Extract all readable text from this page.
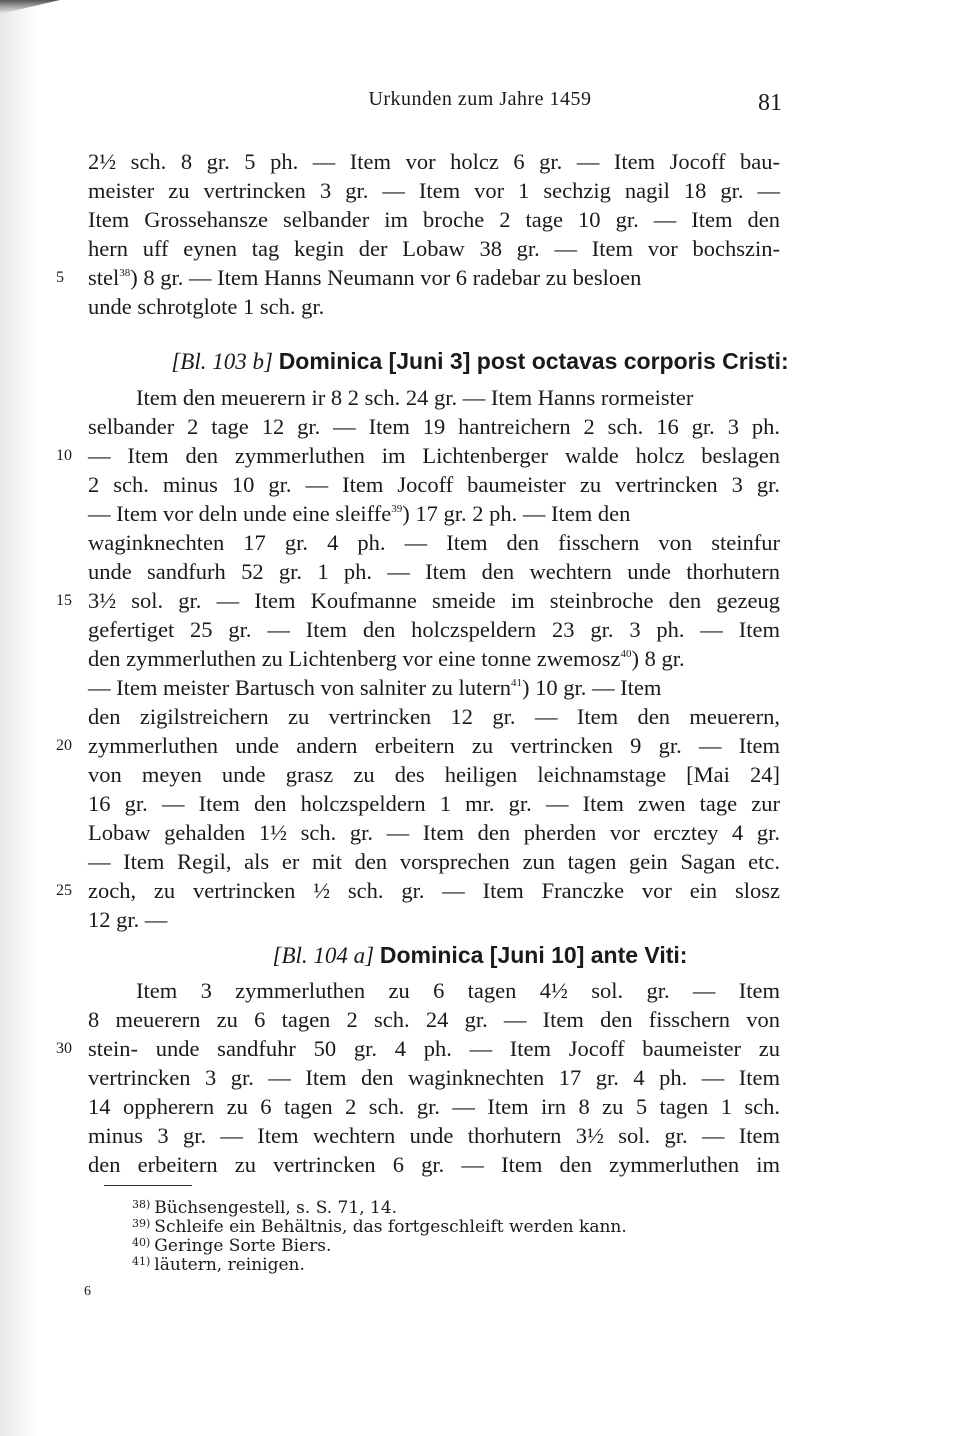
Urkunden zum Jahre 1459	81
2½ sch. 8 gr. 5 ph. — Item vor holcz 6 gr. — Item Jocoff bau-
meister zu vertrincken 3 gr. — Item vor 1 sechzig nagil 18 gr. —
Item Grossehansze selbander im broche 2 tage 10 gr. — Item den
hern uff eynen tag kegin der Lobaw 38 gr. — Item vor bochszin-
5	stel$^{38}$) 8 gr. — Item Hanns Neumann vor 6 radebar zu besloen
unde schrotglote 1 sch. gr.
[Bl. 103 b] Dominica [Juni 3] post octavas corporis Cristi:
Item den meuerern ir 8 2 sch. 24 gr. — Item Hanns rormeister
selbander 2 tage 12 gr. — Item 19 hantreichern 2 sch. 16 gr. 3 ph.
10 — Item den zymmerluthen im Lichtenberger walde holcz beslagen
2 sch. minus 10 gr. — Item Jocoff baumeister zu vertrincken 3 gr.
— Item vor deln unde eine sleiffe$^{39}$) 17 gr. 2 ph. — Item den
waginknechten 17 gr. 4 ph. — Item den fisschern von steinfur
unde sandfurh 52 gr. 1 ph. — Item den wechtern unde thorhutern
15 3½ sol. gr. — Item Koufmanne smeide im steinbroche den gezeug
gefertiget 25 gr. — Item den holczspeldern 23 gr. 3 ph. — Item
den zymmerluthen zu Lichtenberg vor eine tonne zwemosz$^{40}$) 8 gr.
— Item meister Bartusch von salniter zu lutern$^{41}$) 10 gr. — Item
den zigilstreichern zu vertrincken 12 gr. — Item den meuerern,
20 zymmerluthen unde andern erbeitern zu vertrincken 9 gr. — Item
von meyen unde grasz zu des heiligen leichnamstage [Mai 24]
16 gr. — Item den holczspeldern 1 mr. gr. — Item zwen tage zur
Lobaw gehalden 1½ sch. gr. — Item den pherden vor ercztey 4 gr.
— Item Regil, als er mit den vorsprechen zun tagen gein Sagan etc.
25 zoch, zu vertrincken ½ sch. gr. — Item Franczke vor ein slosz
12 gr. —
[Bl. 104 a] Dominica [Juni 10] ante Viti:
Item 3 zymmerluthen zu 6 tagen 4½ sol. gr. — Item
8 meuerern zu 6 tagen 2 sch. 24 gr. — Item den fisschern von
30 stein- unde sandfuhr 50 gr. 4 ph. — Item Jocoff baumeister zu
vertrincken 3 gr. — Item den waginknechten 17 gr. 4 ph. — Item
14 oppherern zu 6 tagen 2 sch. gr. — Item irn 8 zu 5 tagen 1 sch.
minus 3 gr. — Item wechtern unde thorhutern 3½ sol. gr. — Item
den erbeitern zu vertrincken 6 gr. — Item den zymmerluthen im
$^{38)}$ Büchsengestell, s. S. 71, 14.
$^{39)}$ Schleife ein Behältnis, das fortgeschleift werden kann.
$^{40)}$ Geringe Sorte Biers.
$^{41)}$ läutern, reinigen.
6
